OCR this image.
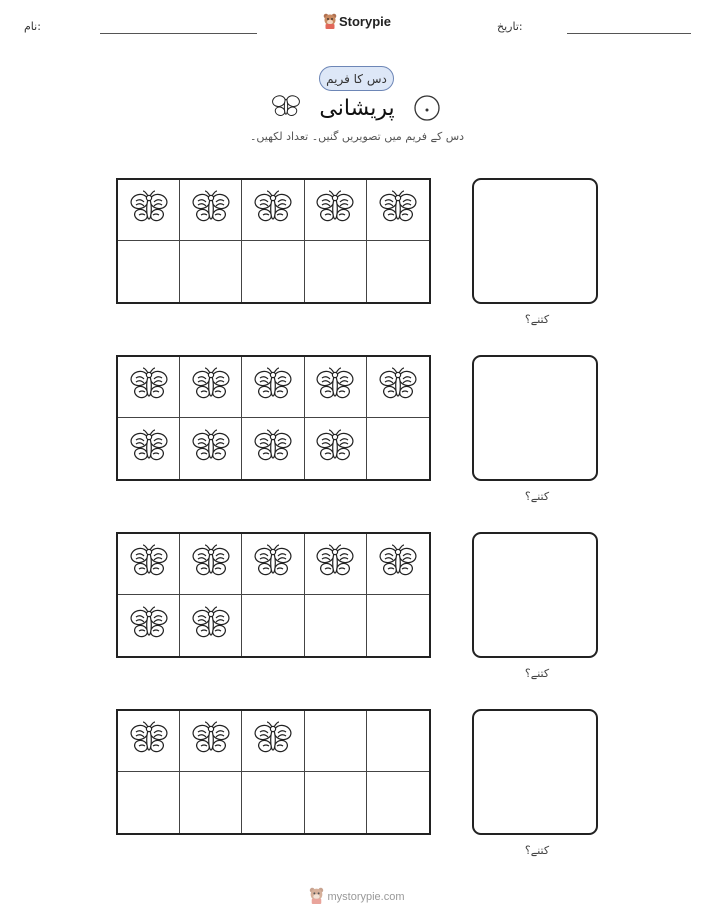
نام:	Storypie	تاریخ:
دس کا فریم
پریشانی
دس کے فریم میں تصویریں گنیں۔ تعداد لکھیں۔
کتنے؟
کتنے؟
کتنے؟
کتنے؟
mystorypie.com
